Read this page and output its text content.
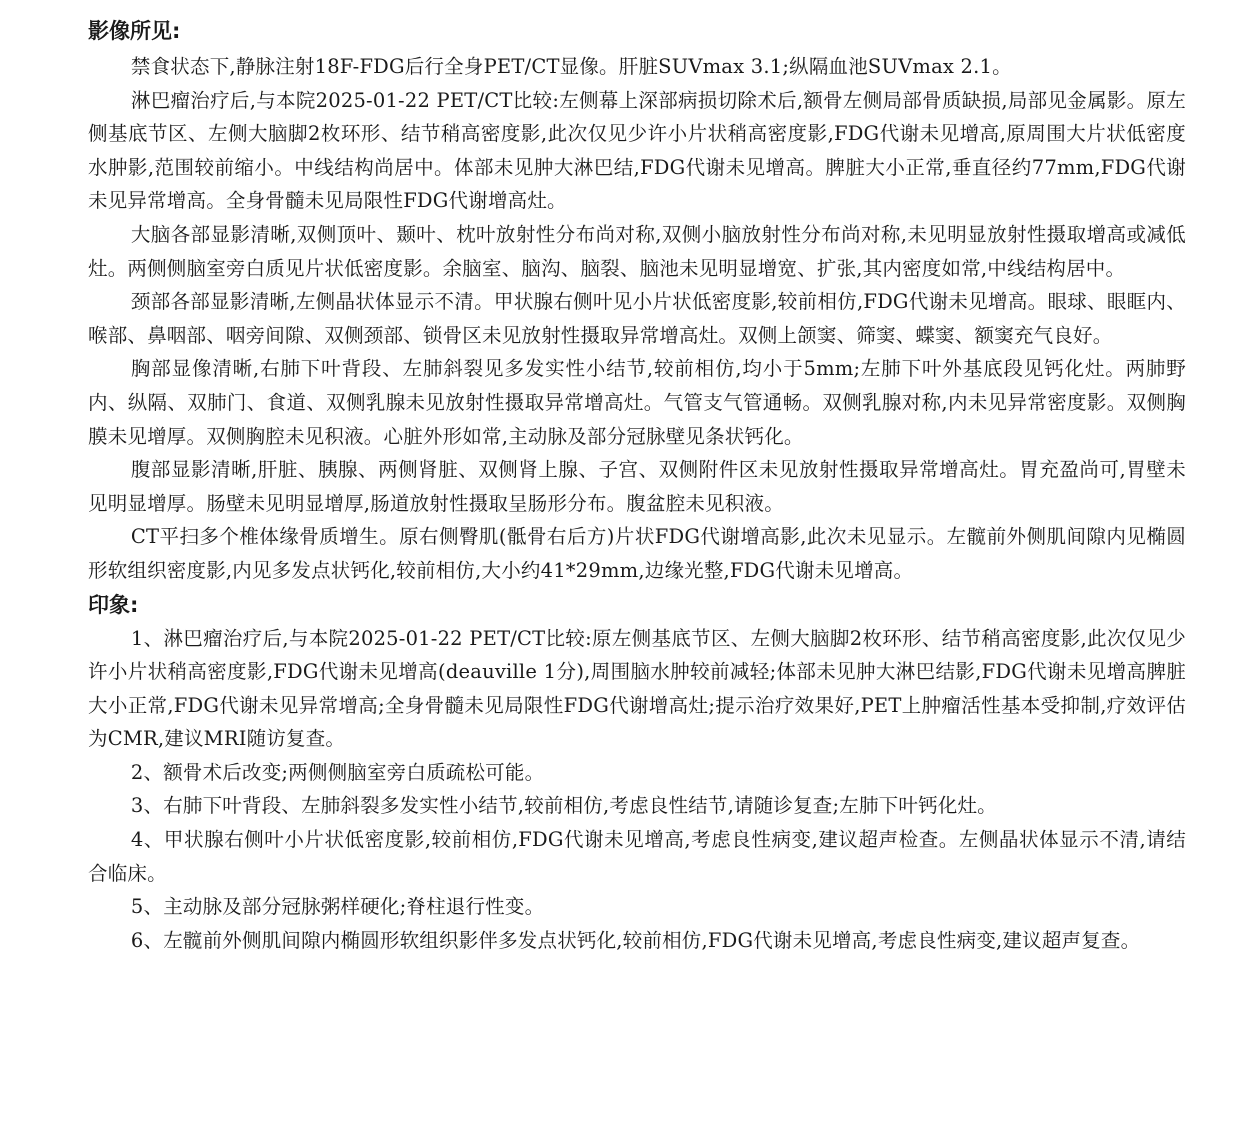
影像所见:

禁食状态下,静脉注射18F-FDG后行全身PET/CT显像。肝脏SUVmax 3.1;纵隔血池SUVmax 2.1。

淋巴瘤治疗后,与本院2025-01-22 PET/CT比较:左侧幕上深部病损切除术后,额骨左侧局部骨质缺损,局部见金属影。原左侧基底节区、左侧大脑脚2枚环形、结节稍高密度影,此次仅见少许小片状稍高密度影,FDG代谢未见增高,原周围大片状低密度水肿影,范围较前缩小。中线结构尚居中。体部未见肿大淋巴结,FDG代谢未见增高。脾脏大小正常,垂直径约77mm,FDG代谢未见异常增高。全身骨髓未见局限性FDG代谢增高灶。

大脑各部显影清晰,双侧顶叶、颞叶、枕叶放射性分布尚对称,双侧小脑放射性分布尚对称,未见明显放射性摄取增高或减低灶。两侧侧脑室旁白质见片状低密度影。余脑室、脑沟、脑裂、脑池未见明显增宽、扩张,其内密度如常,中线结构居中。

颈部各部显影清晰,左侧晶状体显示不清。甲状腺右侧叶见小片状低密度影,较前相仿,FDG代谢未见增高。眼球、眼眶内、喉部、鼻咽部、咽旁间隙、双侧颈部、锁骨区未见放射性摄取异常增高灶。双侧上颌窦、筛窦、蝶窦、额窦充气良好。

胸部显像清晰,右肺下叶背段、左肺斜裂见多发实性小结节,较前相仿,均小于5mm;左肺下叶外基底段见钙化灶。两肺野内、纵隔、双肺门、食道、双侧乳腺未见放射性摄取异常增高灶。气管支气管通畅。双侧乳腺对称,内未见异常密度影。双侧胸膜未见增厚。双侧胸腔未见积液。心脏外形如常,主动脉及部分冠脉壁见条状钙化。

腹部显影清晰,肝脏、胰腺、两侧肾脏、双侧肾上腺、子宫、双侧附件区未见放射性摄取异常增高灶。胃充盈尚可,胃壁未见明显增厚。肠壁未见明显增厚,肠道放射性摄取呈肠形分布。腹盆腔未见积液。

CT平扫多个椎体缘骨质增生。原右侧臀肌(骶骨右后方)片状FDG代谢增高影,此次未见显示。左髋前外侧肌间隙内见椭圆形软组织密度影,内见多发点状钙化,较前相仿,大小约41*29mm,边缘光整,FDG代谢未见增高。

印象:

1、淋巴瘤治疗后,与本院2025-01-22 PET/CT比较:原左侧基底节区、左侧大脑脚2枚环形、结节稍高密度影,此次仅见少许小片状稍高密度影,FDG代谢未见增高(deauville 1分),周围脑水肿较前减轻;体部未见肿大淋巴结影,FDG代谢未见增高脾脏大小正常,FDG代谢未见异常增高;全身骨髓未见局限性FDG代谢增高灶;提示治疗效果好,PET上肿瘤活性基本受抑制,疗效评估为CMR,建议MRI随访复查。

2、额骨术后改变;两侧侧脑室旁白质疏松可能。

3、右肺下叶背段、左肺斜裂多发实性小结节,较前相仿,考虑良性结节,请随诊复查;左肺下叶钙化灶。

4、甲状腺右侧叶小片状低密度影,较前相仿,FDG代谢未见增高,考虑良性病变,建议超声检查。左侧晶状体显示不清,请结合临床。

5、主动脉及部分冠脉粥样硬化;脊柱退行性变。

6、左髋前外侧肌间隙内椭圆形软组织影伴多发点状钙化,较前相仿,FDG代谢未见增高,考虑良性病变,建议超声复查。
